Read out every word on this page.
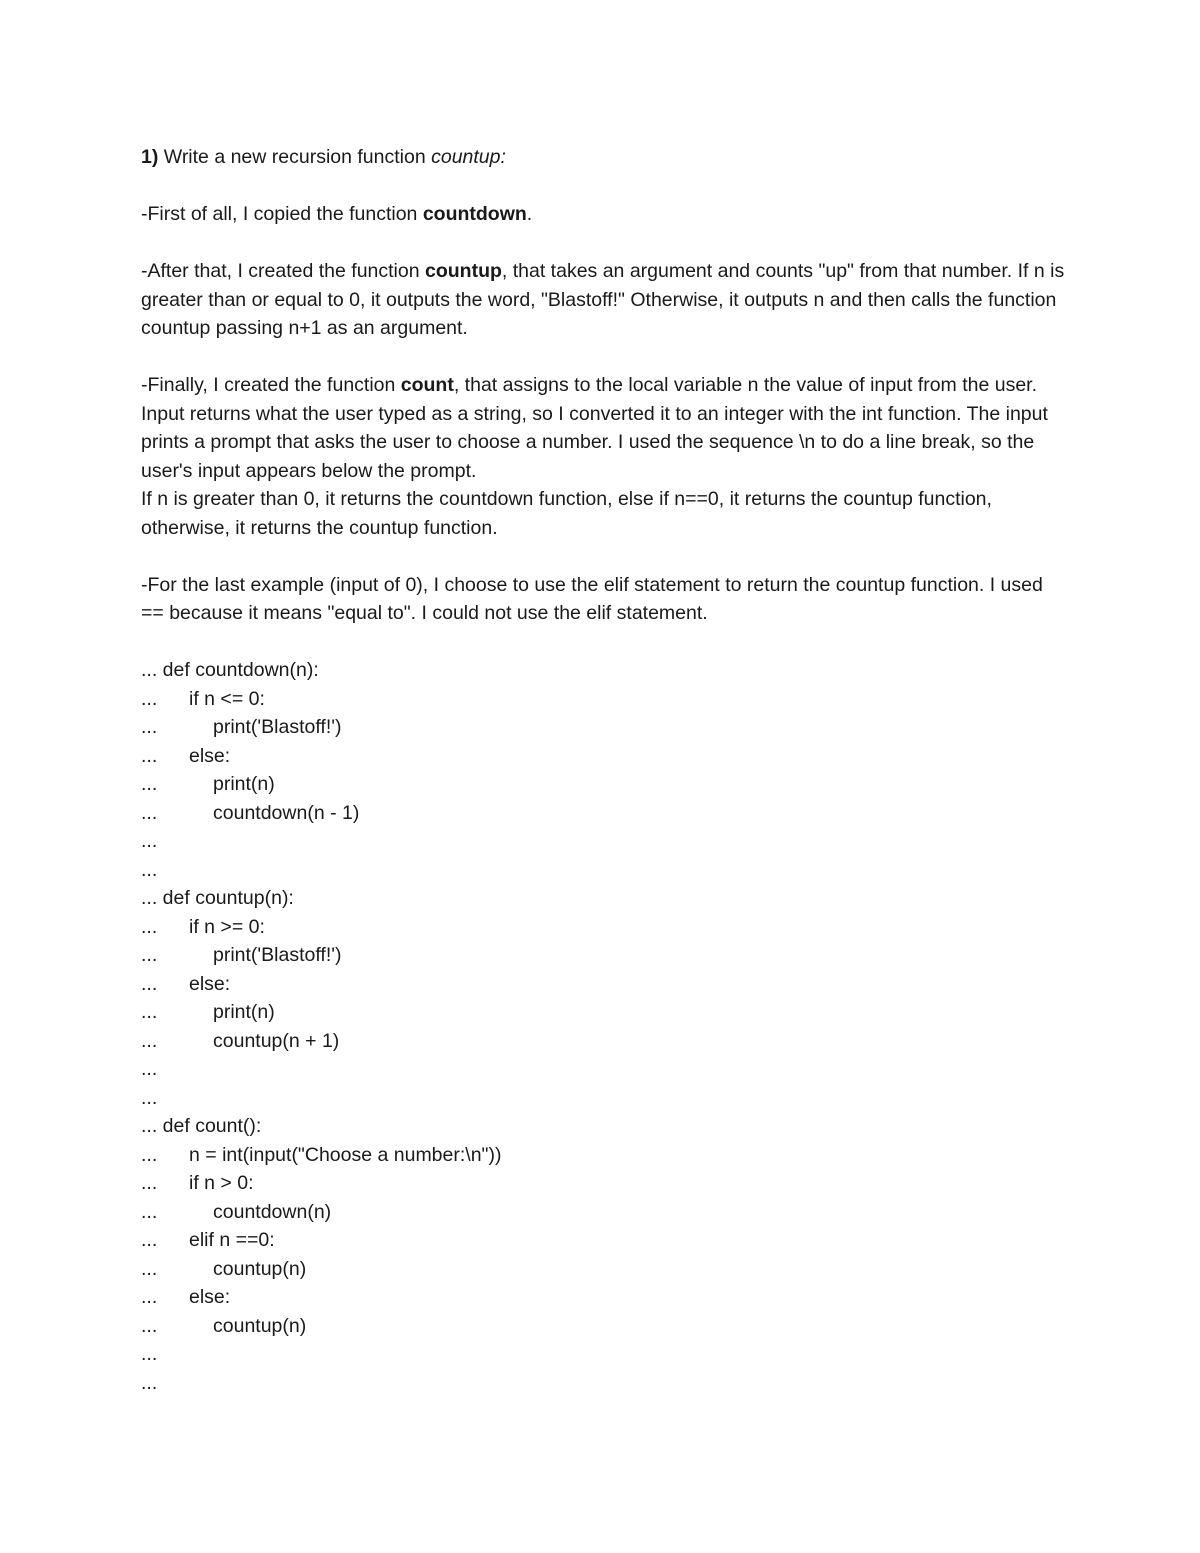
1) Write a new recursion function countup:

-First of all, I copied the function countdown.

-After that, I created the function countup, that takes an argument and counts "up" from that number. If n is greater than or equal to 0, it outputs the word, "Blastoff!" Otherwise, it outputs n and then calls the function countup passing n+1 as an argument.

-Finally, I created the function count, that assigns to the local variable n the value of input from the user. Input returns what the user typed as a string, so I converted it to an integer with the int function. The input prints a prompt that asks the user to choose a number. I used the sequence \n to do a line break, so the user's input appears below the prompt.

If n is greater than 0, it returns the countdown function, else if n==0, it returns the countup function, otherwise, it returns the countup function.

-For the last example (input of 0), I choose to use the elif statement to return the countup function. I used == because it means "equal to". I could not use the elif statement.

... def countdown(n):
... if n <= 0:
...	print('Blastoff!')
... else:
...	print(n)
...	countdown(n - 1)
...
...
... def countup(n):
... if n >= 0:
...	print('Blastoff!')
... else:
...	print(n)
...	countup(n + 1)
...
...
... def count():
... n = int(input("Choose a number:\n"))
... if n > 0:
...	countdown(n)
... elif n ==0:
...	countup(n)
... else:
...	countup(n)
...
...
